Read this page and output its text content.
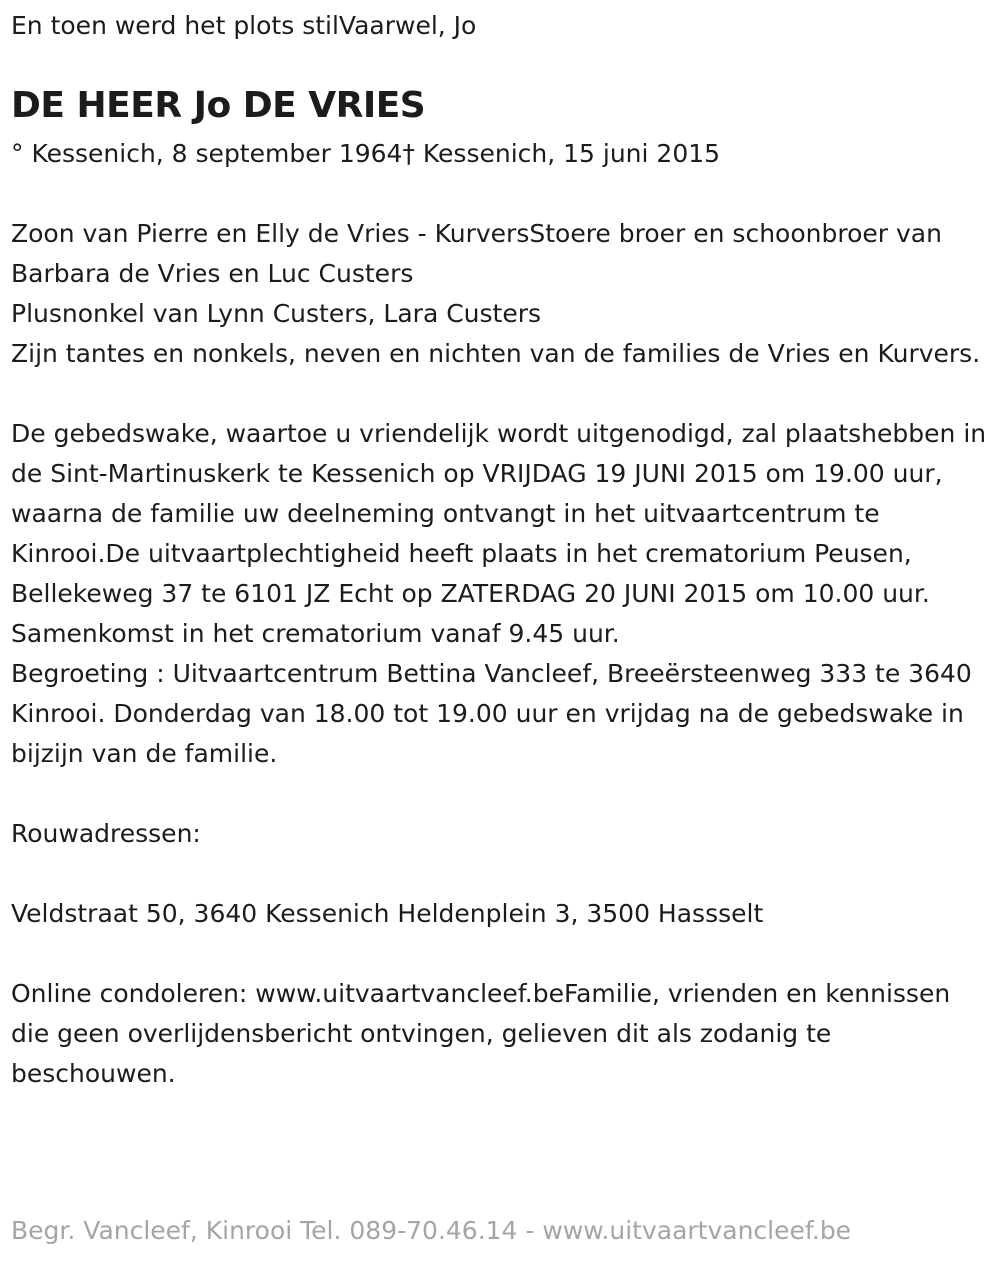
En toen werd het plots stilVaarwel, Jo
DE HEER Jo DE VRIES
° Kessenich, 8 september 1964† Kessenich, 15 juni 2015

Zoon van Pierre en Elly de Vries - KurversStoere broer en schoonbroer van Barbara de Vries en Luc Custers

Plusnonkel van Lynn Custers, Lara Custers

Zijn tantes en nonkels, neven en nichten van de families de Vries en Kurvers.

De gebedswake, waartoe u vriendelijk wordt uitgenodigd, zal plaatshebben in de Sint-Martinuskerk te Kessenich op VRIJDAG 19 JUNI 2015 om 19.00 uur, waarna de familie uw deelneming ontvangt in het uitvaartcentrum te Kinrooi.De uitvaartplechtigheid heeft plaats in het crematorium Peusen, Bellekeweg 37 te 6101 JZ Echt op ZATERDAG 20 JUNI 2015 om 10.00 uur.

Samenkomst in het crematorium vanaf 9.45 uur.

Begroeting : Uitvaartcentrum Bettina Vancleef, Breeërsteenweg 333 te 3640 Kinrooi. Donderdag van 18.00 tot 19.00 uur en vrijdag na de gebedswake in bijzijn van de familie.

Rouwadressen:

Veldstraat 50, 3640 Kessenich Heldenplein 3, 3500 Hassselt

Online condoleren: www.uitvaartvancleef.beFamilie, vrienden en kennissen die geen overlijdensbericht ontvingen, gelieven dit als zodanig te beschouwen.

Begr. Vancleef, Kinrooi Tel. 089-70.46.14 - www.uitvaartvancleef.be
